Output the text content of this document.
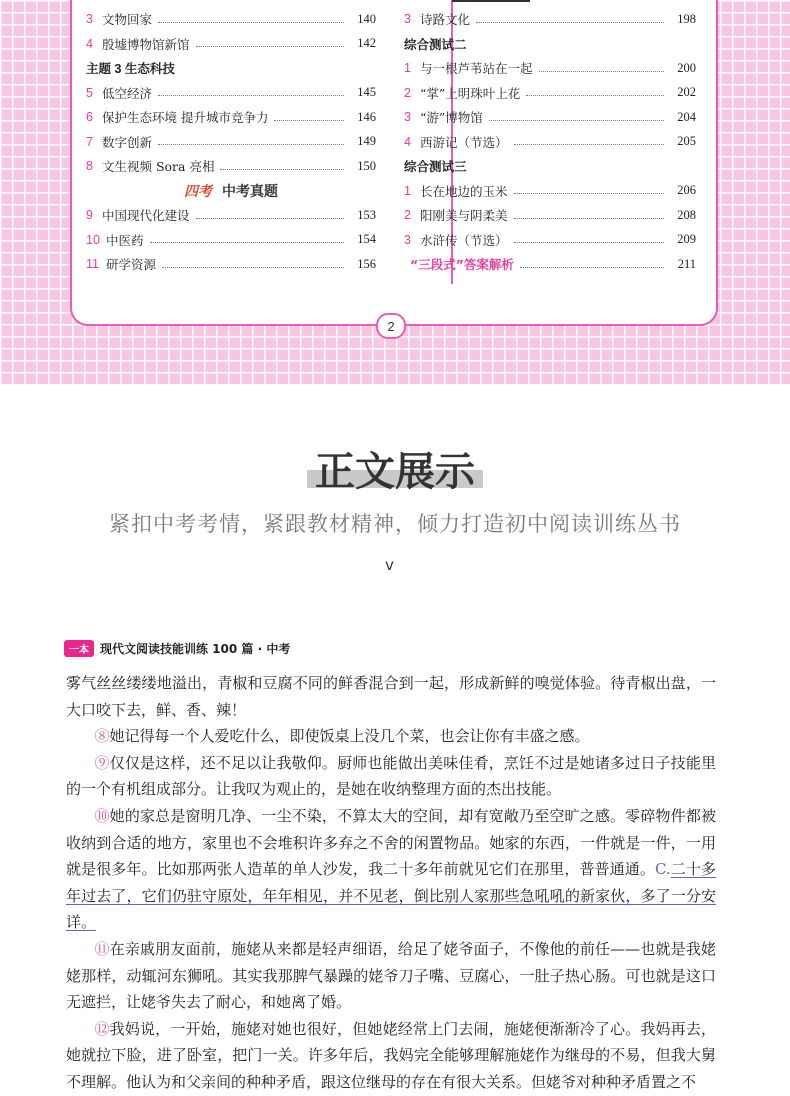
3 文物回家	140
4 殷墟博物馆新馆	142
主题 3 生态科技
5 低空经济	145
6 保护生态环境 提升城市竞争力	146
7 数字创新	149
8 文生视频 Sora 亮相	150
四考 中考真题
9 中国现代化建设	153
10 中医药	154
11 研学资源	156
3 诗路文化	198
综合测试二
1 与一根芦苇站在一起	200
2 “掌”上明珠叶上花	202
3 “游”博物馆	204
4 西游记（节选）	205
综合测试三
1 长在地边的玉米	206
2 阳刚美与阴柔美	208
3 水浒传（节选）	209
“三段式”答案解析	211
2
正文展示
紧扣中考考情，紧跟教材精神，倾力打造初中阅读训练丛书
v
一本 现代文阅读技能训练 100 篇 · 中考

雾气丝丝缕缕地溢出，青椒和豆腐不同的鲜香混合到一起，形成新鲜的嗅觉体验。待青椒出盘，一大口咬下去，鲜、香、辣！

⑧她记得每一个人爱吃什么，即使饭桌上没几个菜，也会让你有丰盛之感。

⑨仅仅是这样，还不足以让我敬仰。厨师也能做出美味佳肴，烹饪不过是她诸多过日子技能里的一个有机组成部分。让我叹为观止的，是她在收纳整理方面的杰出技能。

⑩她的家总是窗明几净、一尘不染，不算太大的空间，却有宽敞乃至空旷之感。零碎物件都被收纳到合适的地方，家里也不会堆积许多弃之不舍的闲置物品。她家的东西，一件就是一件，一用就是很多年。比如那两张人造革的单人沙发，我二十多年前就见它们在那里，普普通通。C.二十多年过去了，它们仍驻守原处，年年相见，并不见老，倒比别人家那些急吼吼的新家伙，多了一分安详。

⑪在亲戚朋友面前，施姥从来都是轻声细语，给足了姥爷面子，不像他的前任——也就是我姥姥那样，动辄河东狮吼。其实我那脾气暴躁的姥爷刀子嘴、豆腐心，一肚子热心肠。可也就是这口无遮拦，让姥爷失去了耐心，和她离了婚。

⑫我妈说，一开始，施姥对她也很好，但她姥经常上门去闹，施姥便渐渐冷了心。我妈再去，她就拉下脸，进了卧室，把门一关。许多年后，我妈完全能够理解施姥作为继母的不易，但我大舅不理解。他认为和父亲间的种种矛盾，跟这位继母的存在有很大关系。但姥爷对种种矛盾置之不
